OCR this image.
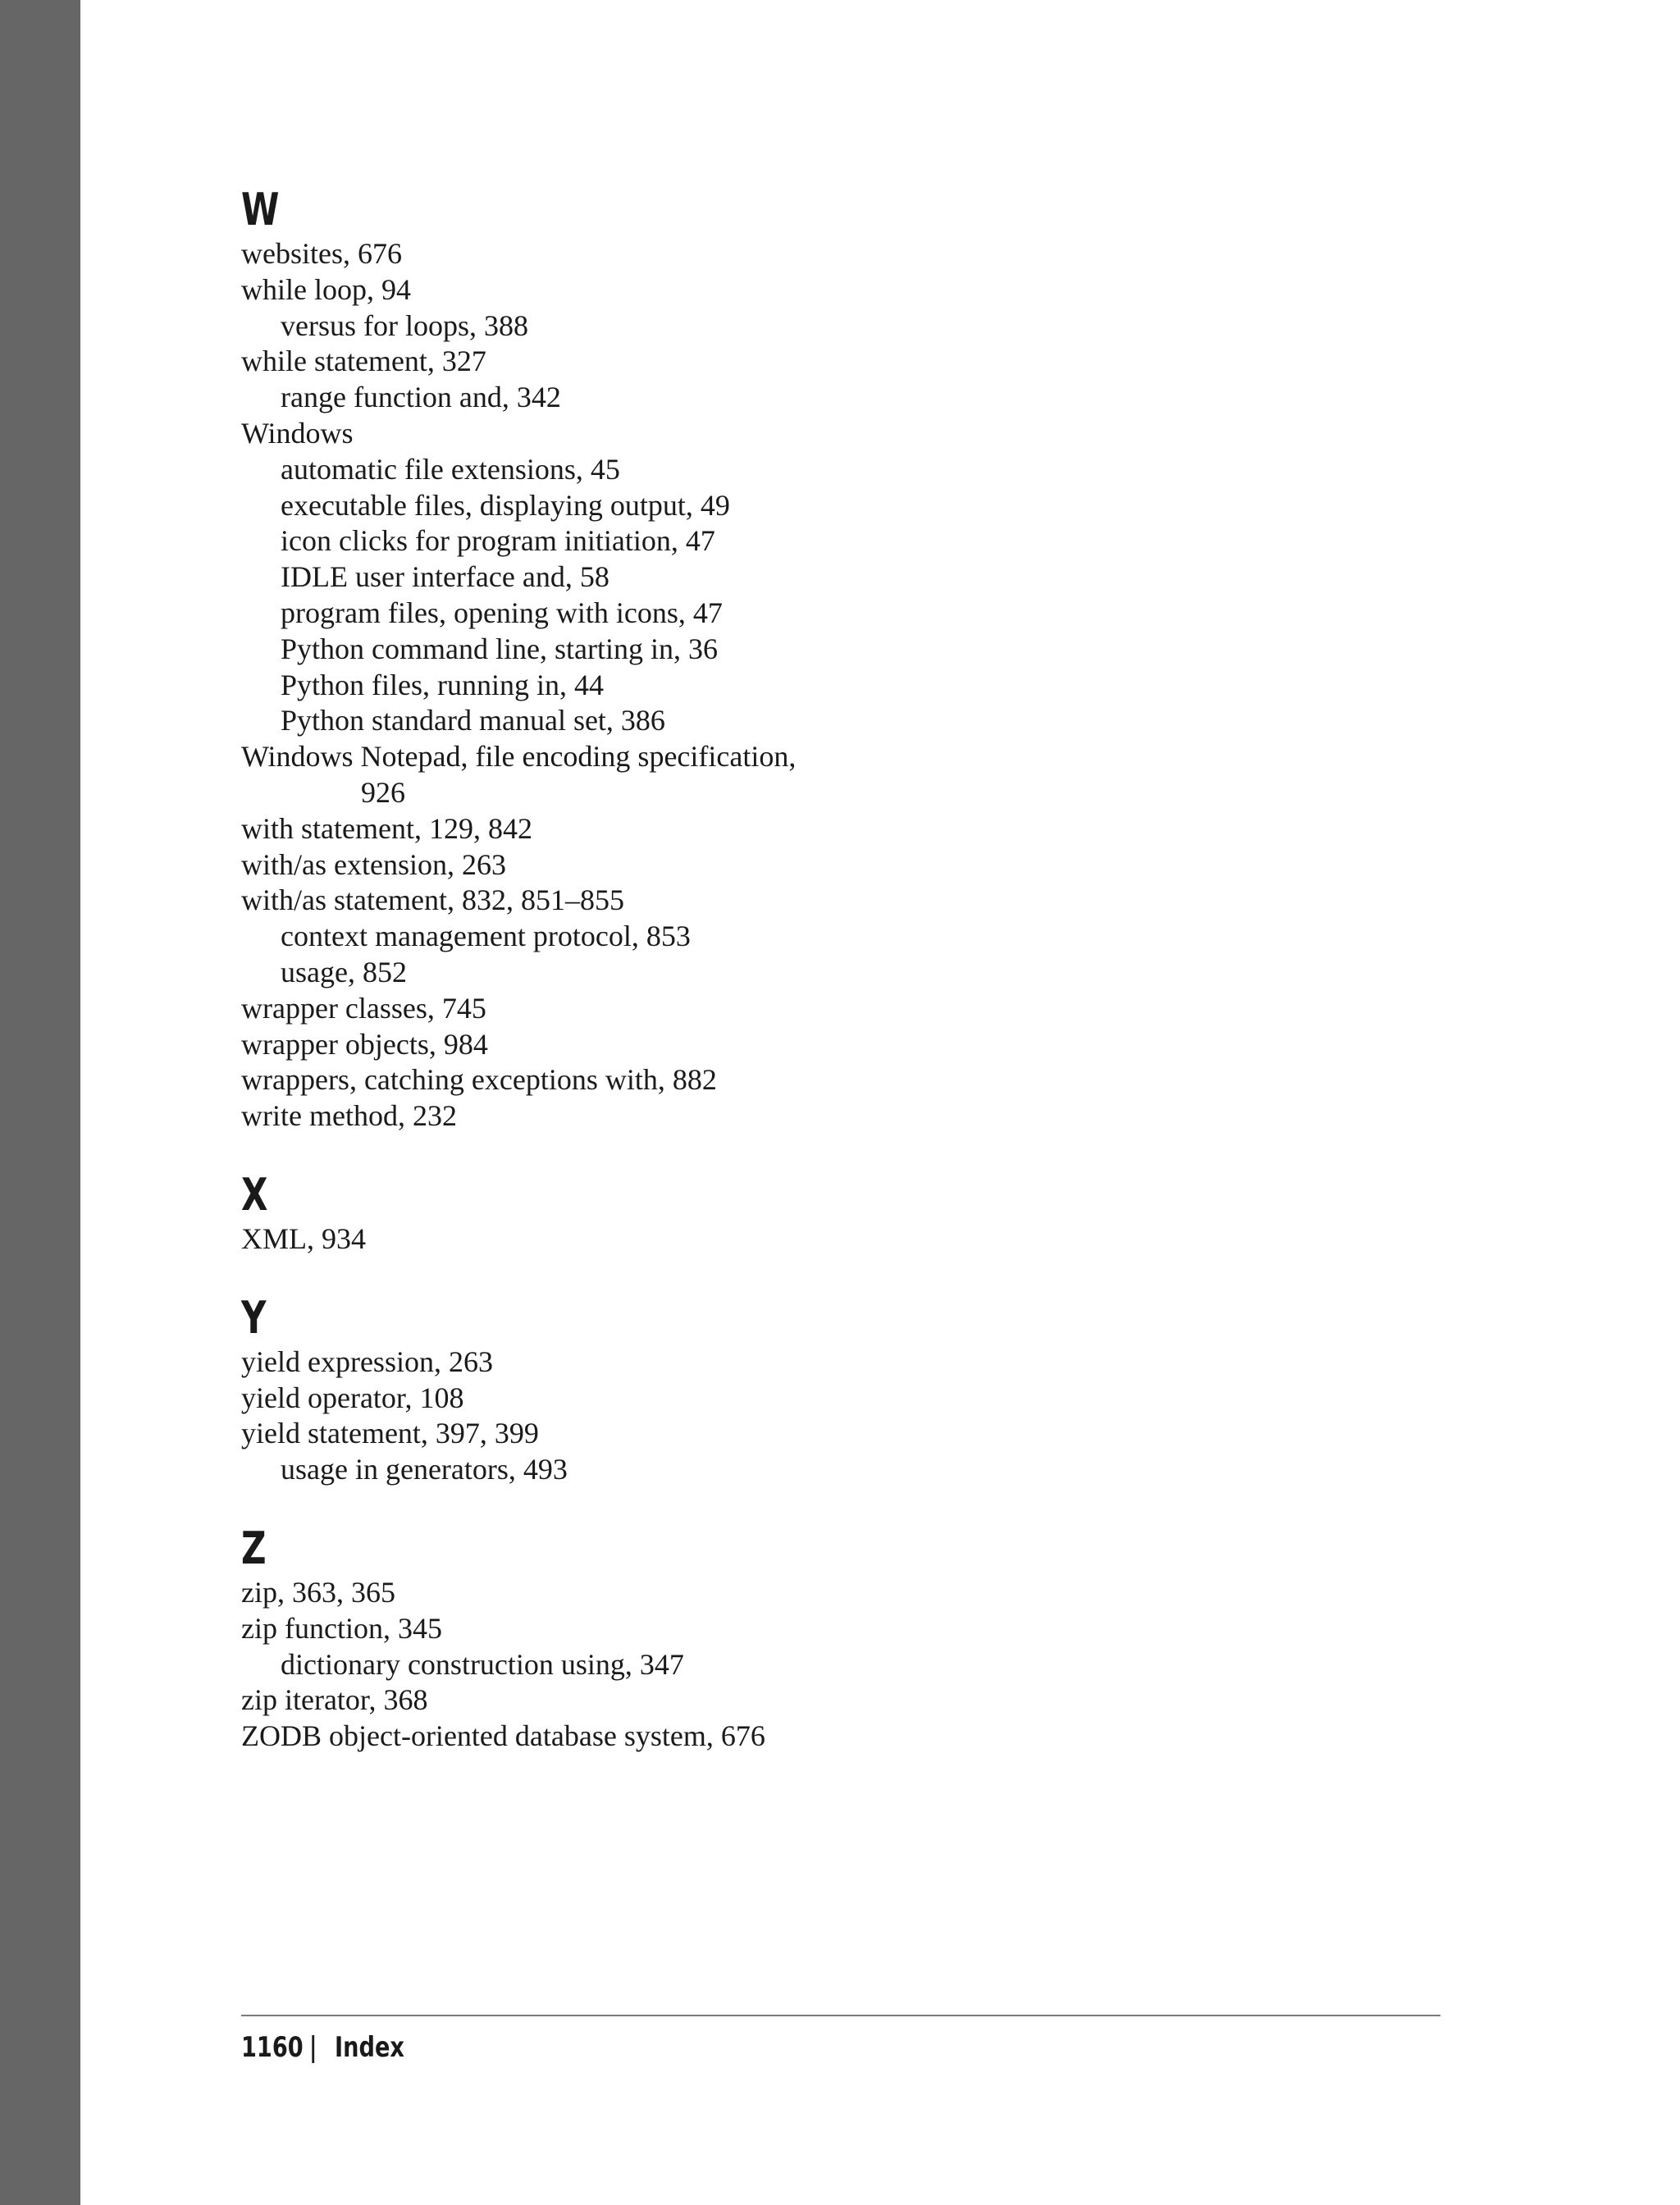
W
websites, 676
while loop, 94
versus for loops, 388
while statement, 327
range function and, 342
Windows
automatic file extensions, 45
executable files, displaying output, 49
icon clicks for program initiation, 47
IDLE user interface and, 58
program files, opening with icons, 47
Python command line, starting in, 36
Python files, running in, 44
Python standard manual set, 386
Windows Notepad, file encoding specification,
926
with statement, 129, 842
with/as extension, 263
with/as statement, 832, 851–855
context management protocol, 853
usage, 852
wrapper classes, 745
wrapper objects, 984
wrappers, catching exceptions with, 882
write method, 232
X
XML, 934
Y
yield expression, 263
yield operator, 108
yield statement, 397, 399
usage in generators, 493
Z
zip, 363, 365
zip function, 345
dictionary construction using, 347
zip iterator, 368
ZODB object-oriented database system, 676
1160 | Index
